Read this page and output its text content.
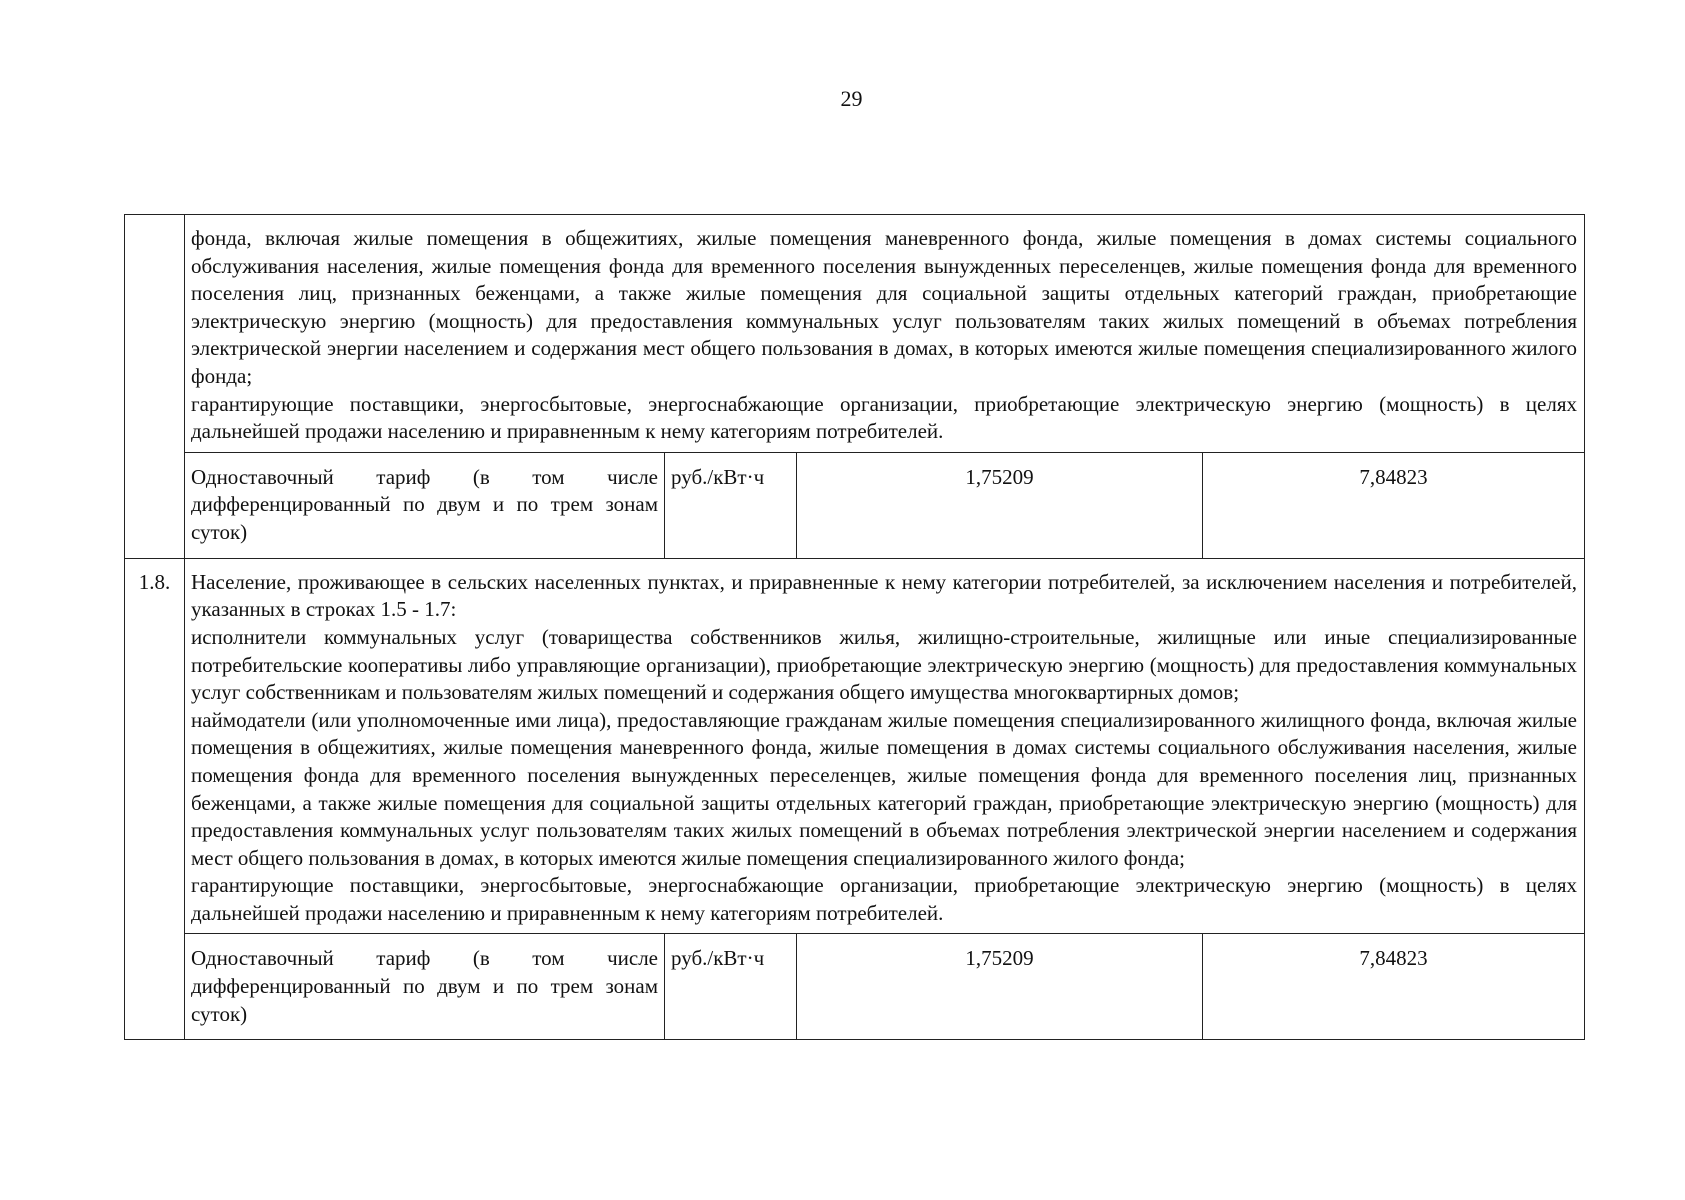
29

фонда, включая жилые помещения в общежитиях, жилые помещения маневренного фонда, жилые помещения в домах системы социального обслуживания населения, жилые помещения фонда для временного поселения вынужденных переселенцев, жилые помещения фонда для временного поселения лиц, признанных беженцами, а также жилые помещения для социальной защиты отдельных категорий граждан, приобретающие электрическую энергию (мощность) для предоставления коммунальных услуг пользователям таких жилых помещений в объемах потребления электрической энергии населением и содержания мест общего пользования в домах, в которых имеются жилые помещения специализированного жилого фонда;

гарантирующие поставщики, энергосбытовые, энергоснабжающие организации, приобретающие электрическую энергию (мощность) в целях дальнейшей продажи населению и приравненным к нему категориям потребителей.

Одноставочный тариф (в том числе дифференцированный по двум и по трем зонам суток)	руб./кВт·ч	1,75209	7,84823

1.8.	Население, проживающее в сельских населенных пунктах, и приравненные к нему категории потребителей, за исключением населения и потребителей, указанных в строках 1.5 - 1.7:

исполнители коммунальных услуг (товарищества собственников жилья, жилищно-строительные, жилищные или иные специализированные потребительские кооперативы либо управляющие организации), приобретающие электрическую энергию (мощность) для предоставления коммунальных услуг собственникам и пользователям жилых помещений и содержания общего имущества многоквартирных домов;

наймодатели (или уполномоченные ими лица), предоставляющие гражданам жилые помещения специализированного жилищного фонда, включая жилые помещения в общежитиях, жилые помещения маневренного фонда, жилые помещения в домах системы социального обслуживания населения, жилые помещения фонда для временного поселения вынужденных переселенцев, жилые помещения фонда для временного поселения лиц, признанных беженцами, а также жилые помещения для социальной защиты отдельных категорий граждан, приобретающие электрическую энергию (мощность) для предоставления коммунальных услуг пользователям таких жилых помещений в объемах потребления электрической энергии населением и содержания мест общего пользования в домах, в которых имеются жилые помещения специализированного жилого фонда;

гарантирующие поставщики, энергосбытовые, энергоснабжающие организации, приобретающие электрическую энергию (мощность) в целях дальнейшей продажи населению и приравненным к нему категориям потребителей.

Одноставочный тариф (в том числе дифференцированный по двум и по трем зонам суток)	руб./кВт·ч	1,75209	7,84823
